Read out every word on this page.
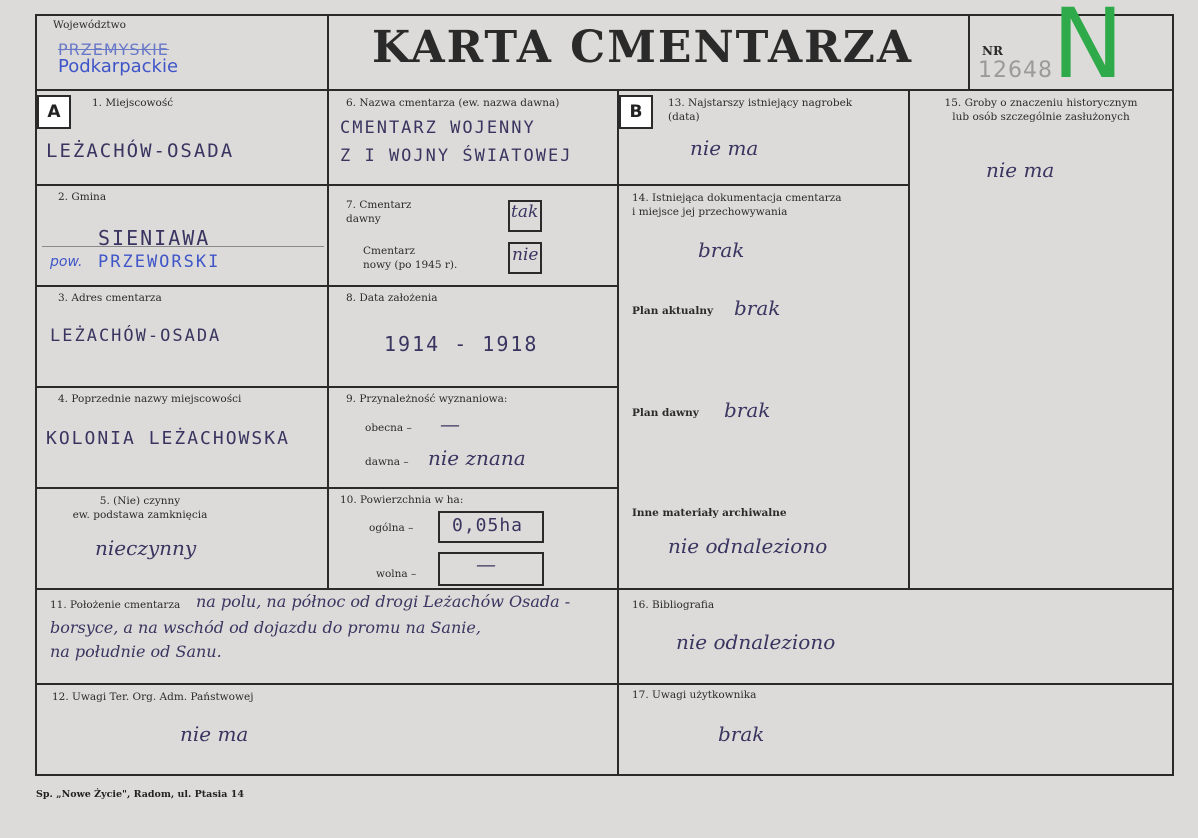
Województwo
PRZEMYSKIE
Podkarpackie	KARTA CMENTARZA	NR
12648 N
A	B
1. Miejscowość
LEŻACHÓW-OSADA
2. Gmina
SIENIAWA
pow. PRZEWORSKI
3. Adres cmentarza
LEŻACHÓW-OSADA
4. Poprzednie nazwy miejscowości
KOLONIA LEŻACHOWSKA
5. (Nie) czynny
ew. podstawa zamknięcia
nieczynny
6. Nazwa cmentarza (ew. nazwa dawna)
CMENTARZ WOJENNY
Z I WOJNY ŚWIATOWEJ
7. Cmentarz
dawny	tak
Cmentarz
nowy (po 1945 r).	nie
8. Data założenia
1914 - 1918
9. Przynależność wyznaniowa:
obecna – —
dawna – nie znana
10. Powierzchnia w ha:
ogólna – 0,05ha
wolna –	—
11. Położenie cmentarza na polu, na północ od drogi Leżachów Osada -
borsyce, a na wschód od dojazdu do promu na Sanie,
na południe od Sanu.
12. Uwagi Ter. Org. Adm. Państwowej
nie ma
13. Najstarszy istniejący nagrobek
(data)
nie ma
14. Istniejąca dokumentacja cmentarza
i miejsce jej przechowywania
brak
Plan aktualny brak
Plan dawny brak
Inne materiały archiwalne
nie odnaleziono
15. Groby o znaczeniu historycznym
lub osób szczególnie zasłużonych
nie ma
16. Bibliografia
nie odnaleziono
17. Uwagi użytkownika
brak
Sp. „Nowe Życie", Radom, ul. Ptasia 14
